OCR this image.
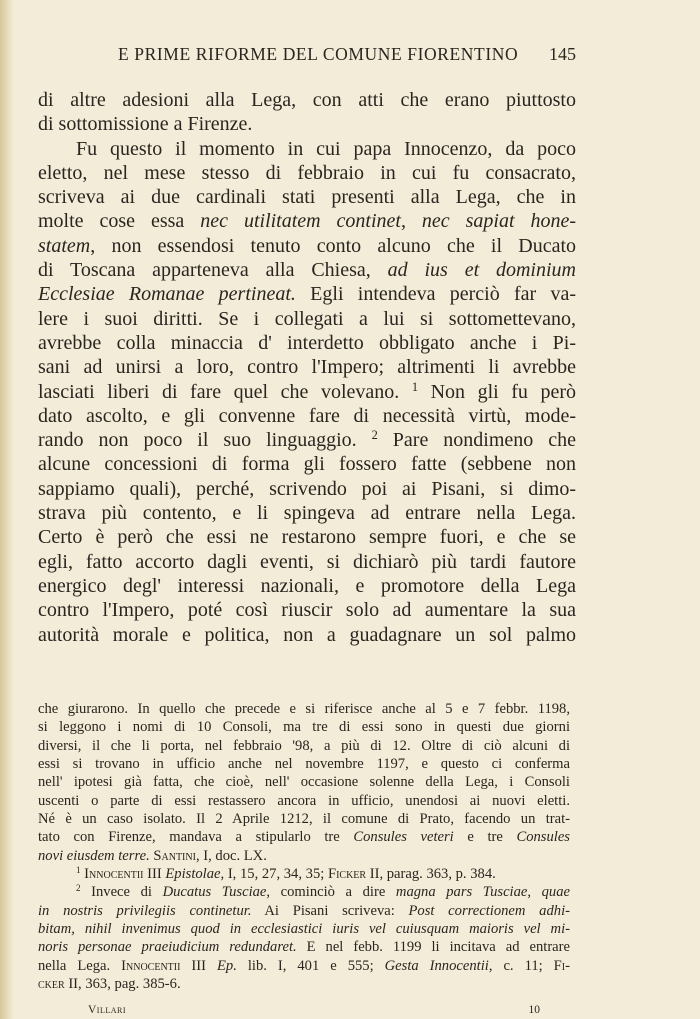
E PRIME RIFORME DEL COMUNE FIORENTINO 145
di altre adesioni alla Lega, con atti che erano piuttosto
di sottomissione a Firenze.
Fu questo il momento in cui papa Innocenzo, da poco
eletto, nel mese stesso di febbraio in cui fu consacrato,
scriveva ai due cardinali stati presenti alla Lega, che in
molte cose essa nec utilitatem continet, nec sapiat hone-
statem, non essendosi tenuto conto alcuno che il Ducato
di Toscana apparteneva alla Chiesa, ad ius et dominium
Ecclesiae Romanae pertineat. Egli intendeva perciò far va-
lere i suoi diritti. Se i collegati a lui si sottomettevano,
avrebbe colla minaccia d' interdetto obbligato anche i Pi-
sani ad unirsi a loro, contro l'Impero; altrimenti li avrebbe
lasciati liberi di fare quel che volevano. $^1$ Non gli fu però
dato ascolto, e gli convenne fare di necessità virtù, mode-
rando non poco il suo linguaggio. $^2$ Pare nondimeno che
alcune concessioni di forma gli fossero fatte (sebbene non
sappiamo quali), perché, scrivendo poi ai Pisani, si dimo-
strava più contento, e li spingeva ad entrare nella Lega.
Certo è però che essi ne restarono sempre fuori, e che se
egli, fatto accorto dagli eventi, si dichiarò più tardi fautore
energico degl' interessi nazionali, e promotore della Lega
contro l'Impero, poté così riuscir solo ad aumentare la sua
autorità morale e politica, non a guadagnare un sol palmo
che giurarono. In quello che precede e si riferisce anche al 5 e 7 febbr. 1198,
si leggono i nomi di 10 Consoli, ma tre di essi sono in questi due giorni
diversi, il che li porta, nel febbraio '98, a più di 12. Oltre di ciò alcuni di
essi si trovano in ufficio anche nel novembre 1197, e questo ci conferma
nell' ipotesi già fatta, che cioè, nell' occasione solenne della Lega, i Consoli
uscenti o parte di essi restassero ancora in ufficio, unendosi ai nuovi eletti.
Né è un caso isolato. Il 2 Aprile 1212, il comune di Prato, facendo un trat-
tato con Firenze, mandava a stipularlo tre Consules veteri e tre Consules
novi eiusdem terre. Santini, I, doc. LX.
$^1$ Innocentii III Epistolae, I, 15, 27, 34, 35; Ficker II, parag. 363, p. 384.
$^2$ Invece di Ducatus Tusciae, cominciò a dire magna pars Tusciae, quae
in nostris privilegiis continetur. Ai Pisani scriveva: Post correctionem adhi-
bitam, nihil invenimus quod in ecclesiastici iuris vel cuiusquam maioris vel mi-
noris personae praeiudicium redundaret. E nel febb. 1199 li incitava ad entrare
nella Lega. Innocentii III Ep. lib. I, 401 e 555; Gesta Innocentii, c. 11; Fi-
cker II, 363, pag. 385-6.
Villari	10
